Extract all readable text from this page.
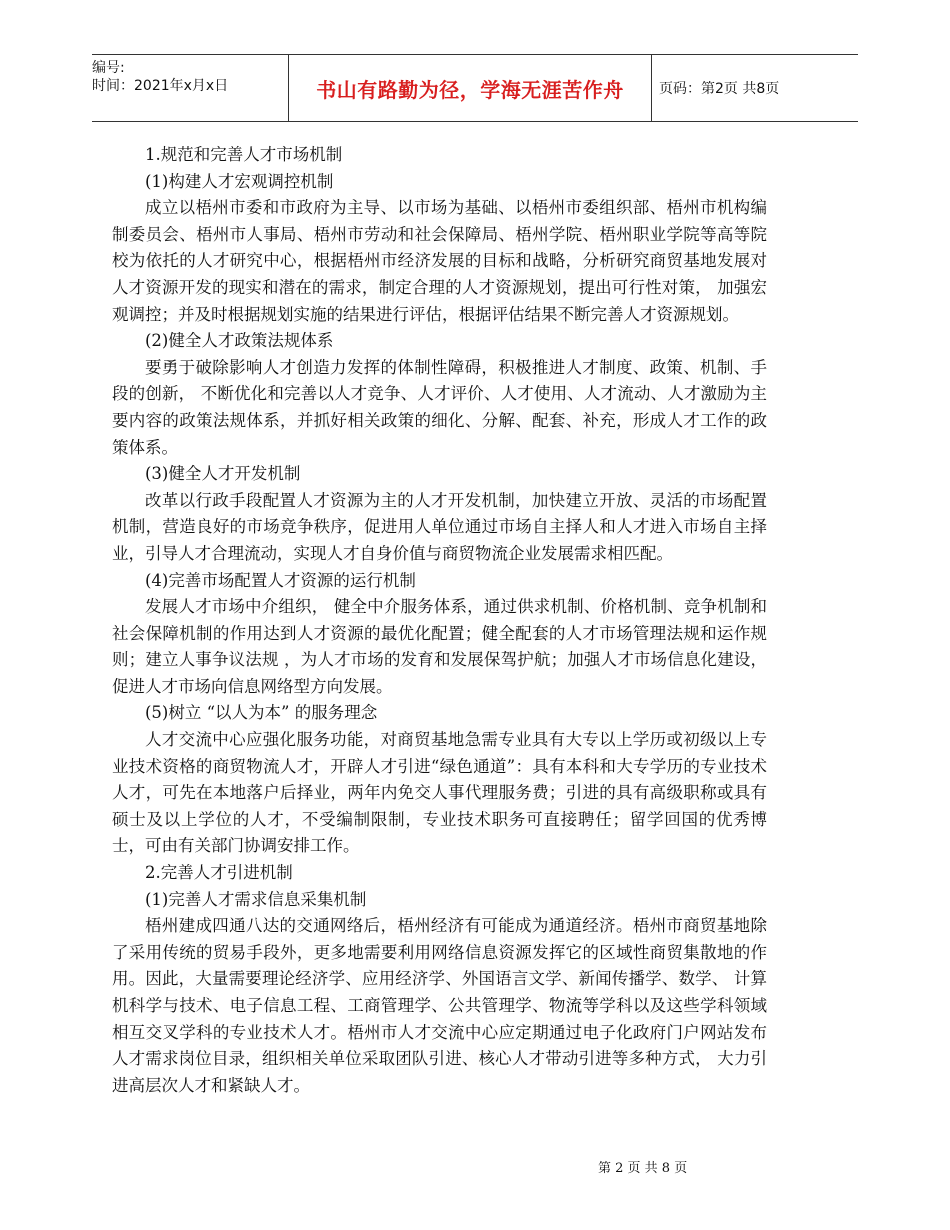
编号:
时间：2021年x月x日	书山有路勤为径，学海无涯苦作舟	页码：第2页 共8页

1.规范和完善人才市场机制

(1)构建人才宏观调控机制

成立以梧州市委和市政府为主导、以市场为基础、以梧州市委组织部、梧州市机构编制委员会、梧州市人事局、梧州市劳动和社会保障局、梧州学院、梧州职业学院等高等院校为依托的人才研究中心，根据梧州市经济发展的目标和战略，分析研究商贸基地发展对人才资源开发的现实和潜在的需求，制定合理的人才资源规划，提出可行性对策， 加强宏观调控；并及时根据规划实施的结果进行评估，根据评估结果不断完善人才资源规划。

(2)健全人才政策法规体系

要勇于破除影响人才创造力发挥的体制性障碍，积极推进人才制度、政策、机制、手段的创新， 不断优化和完善以人才竞争、人才评价、人才使用、人才流动、人才激励为主要内容的政策法规体系，并抓好相关政策的细化、分解、配套、补充，形成人才工作的政策体系。

(3)健全人才开发机制

改革以行政手段配置人才资源为主的人才开发机制，加快建立开放、灵活的市场配置机制，营造良好的市场竞争秩序，促进用人单位通过市场自主择人和人才进入市场自主择业，引导人才合理流动，实现人才自身价值与商贸物流企业发展需求相匹配。

(4)完善市场配置人才资源的运行机制

发展人才市场中介组织， 健全中介服务体系，通过供求机制、价格机制、竞争机制和社会保障机制的作用达到人才资源的最优化配置；健全配套的人才市场管理法规和运作规则；建立人事争议法规 ，为人才市场的发育和发展保驾护航；加强人才市场信息化建设， 促进人才市场向信息网络型方向发展。

(5)树立 “以人为本” 的服务理念

人才交流中心应强化服务功能，对商贸基地急需专业具有大专以上学历或初级以上专业技术资格的商贸物流人才，开辟人才引进“绿色通道”：具有本科和大专学历的专业技术人才，可先在本地落户后择业，两年内免交人事代理服务费；引进的具有高级职称或具有硕士及以上学位的人才，不受编制限制，专业技术职务可直接聘任；留学回国的优秀博士，可由有关部门协调安排工作。

2.完善人才引进机制

(1)完善人才需求信息采集机制

梧州建成四通八达的交通网络后，梧州经济有可能成为通道经济。梧州市商贸基地除了采用传统的贸易手段外，更多地需要利用网络信息资源发挥它的区域性商贸集散地的作用。因此，大量需要理论经济学、应用经济学、外国语言文学、新闻传播学、数学、 计算机科学与技术、电子信息工程、工商管理学、公共管理学、物流等学科以及这些学科领域相互交叉学科的专业技术人才。梧州市人才交流中心应定期通过电子化政府门户网站发布人才需求岗位目录，组织相关单位采取团队引进、核心人才带动引进等多种方式， 大力引进高层次人才和紧缺人才。

第 2 页 共 8 页
